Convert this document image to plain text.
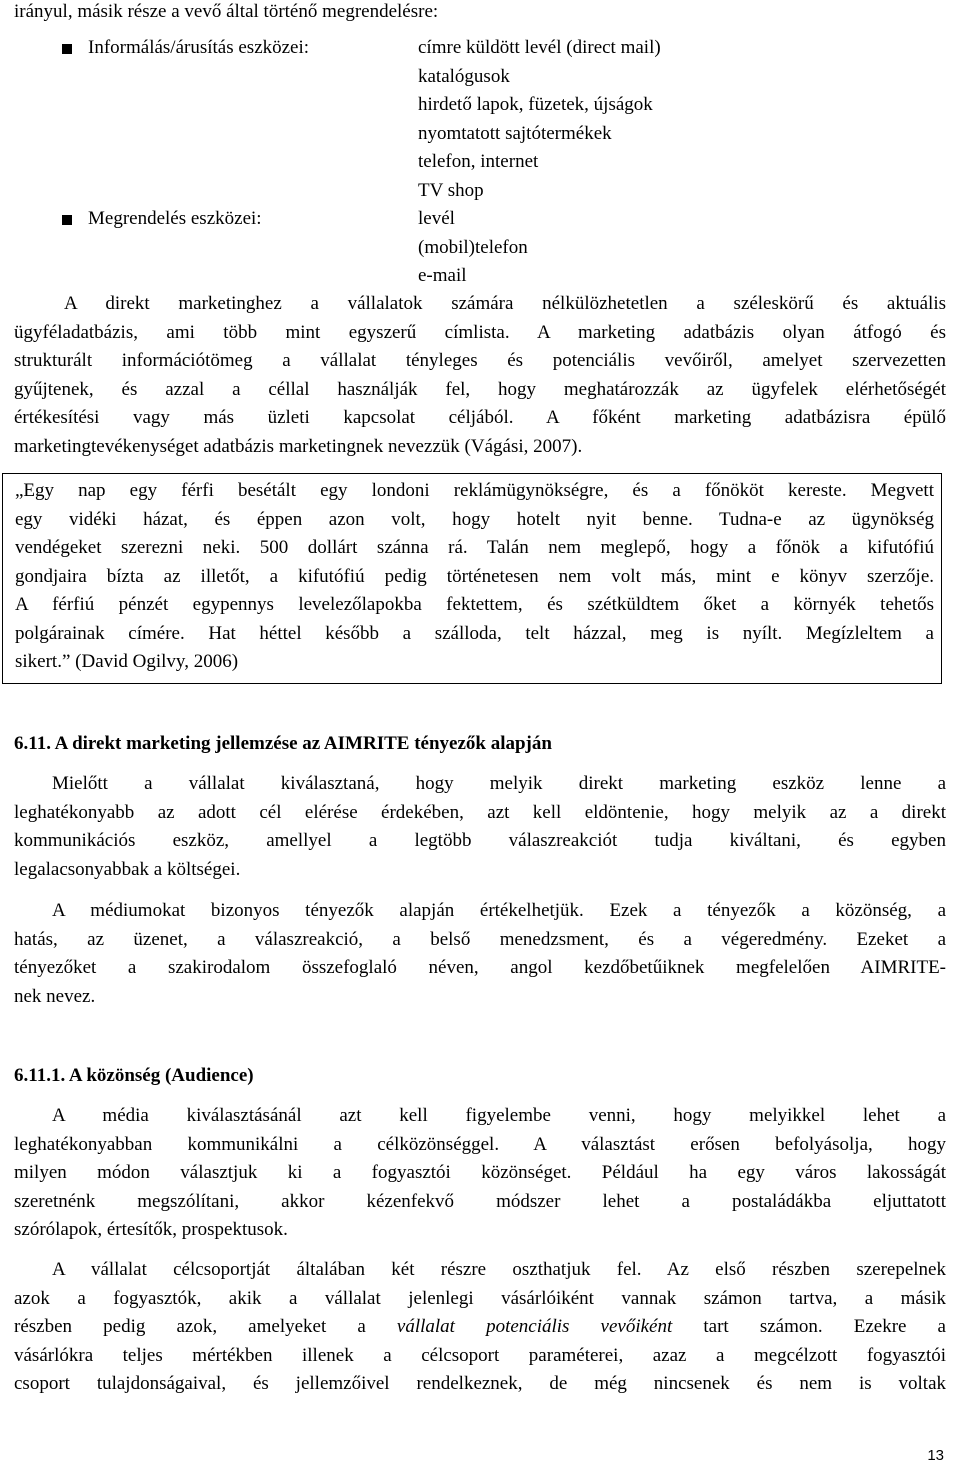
irányul, másik része a vevő által történő megrendelésre:
Informálás/árusítás eszközei:	címre küldött levél (direct mail)
katalógusok
hirdető lapok, füzetek, újságok
nyomtatott sajtótermékek
telefon, internet
TV shop
Megrendelés eszközei:	levél
(mobil)telefon
e-mail

A direkt marketinghez a vállalatok számára nélkülözhetetlen a széleskörű és aktuális

ügyféladatbázis, ami több mint egyszerű címlista. A marketing adatbázis olyan átfogó és

strukturált információtömeg a vállalat tényleges és potenciális vevőiről, amelyet szervezetten

gyűjtenek, és azzal a céllal használják fel, hogy meghatározzák az ügyfelek elérhetőségét

értékesítési vagy más üzleti kapcsolat céljából. A főként marketing adatbázisra épülő

marketingtevékenységet adatbázis marketingnek nevezzük (Vágási, 2007).

„Egy nap egy férfi besétált egy londoni reklámügynökségre, és a főnököt kereste. Megvett

egy vidéki házat, és éppen azon volt, hogy hotelt nyit benne. Tudna-e az ügynökség

vendégeket szerezni neki. 500 dollárt szánna rá. Talán nem meglepő, hogy a főnök a kifutófiú

gondjaira bízta az illetőt, a kifutófiú pedig történetesen nem volt más, mint e könyv szerzője.

A férfiú pénzét egypennys levelezőlapokba fektettem, és szétküldtem őket a környék tehetős

polgárainak címére. Hat héttel később a szálloda, telt házzal, meg is nyílt. Megízleltem a

sikert.” (David Ogilvy, 2006)

6.11. A direkt marketing jellemzése az AIMRITE tényezők alapján

Mielőtt a vállalat kiválasztaná, hogy melyik direkt marketing eszköz lenne a

leghatékonyabb az adott cél elérése érdekében, azt kell eldöntenie, hogy melyik az a direkt

kommunikációs eszköz, amellyel a legtöbb válaszreakciót tudja kiváltani, és egyben

legalacsonyabbak a költségei.

A médiumokat bizonyos tényezők alapján értékelhetjük. Ezek a tényezők a közönség, a

hatás, az üzenet, a válaszreakció, a belső menedzsment, és a végeredmény. Ezeket a

tényezőket a szakirodalom összefoglaló néven, angol kezdőbetűiknek megfelelően AIMRITE-

nek nevez.

6.11.1. A közönség (Audience)

A média kiválasztásánál azt kell figyelembe venni, hogy melyikkel lehet a

leghatékonyabban kommunikálni a célközönséggel. A választást erősen befolyásolja, hogy

milyen módon választjuk ki a fogyasztói közönséget. Például ha egy város lakosságát

szeretnénk megszólítani, akkor kézenfekvő módszer lehet a postaládákba eljuttatott

szórólapok, értesítők, prospektusok.

A vállalat célcsoportját általában két részre oszthatjuk fel. Az első részben szerepelnek

azok a fogyasztók, akik a vállalat jelenlegi vásárlóiként vannak számon tartva, a másik

részben pedig azok, amelyeket a vállalat potenciális vevőiként tart számon. Ezekre a

vásárlókra teljes mértékben illenek a célcsoport paraméterei, azaz a megcélzott fogyasztói

csoport tulajdonságaival, és jellemzőivel rendelkeznek, de még nincsenek és nem is voltak

13
